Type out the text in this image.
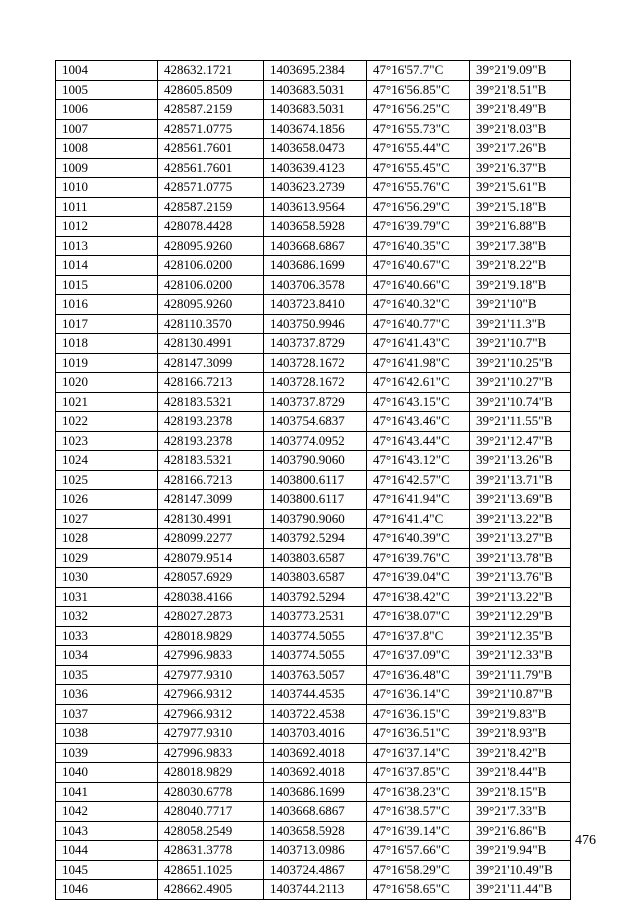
1004	428632.1721	1403695.2384	47°16'57.7"С	39°21'9.09"В
1005	428605.8509	1403683.5031	47°16'56.85"С	39°21'8.51"В
1006	428587.2159	1403683.5031	47°16'56.25"С	39°21'8.49"В
1007	428571.0775	1403674.1856	47°16'55.73"С	39°21'8.03"В
1008	428561.7601	1403658.0473	47°16'55.44"С	39°21'7.26"В
1009	428561.7601	1403639.4123	47°16'55.45"С	39°21'6.37"В
1010	428571.0775	1403623.2739	47°16'55.76"С	39°21'5.61"В
1011	428587.2159	1403613.9564	47°16'56.29"С	39°21'5.18"В
1012	428078.4428	1403658.5928	47°16'39.79"С	39°21'6.88"В
1013	428095.9260	1403668.6867	47°16'40.35"С	39°21'7.38"В
1014	428106.0200	1403686.1699	47°16'40.67"С	39°21'8.22"В
1015	428106.0200	1403706.3578	47°16'40.66"С	39°21'9.18"В
1016	428095.9260	1403723.8410	47°16'40.32"С	39°21'10"В
1017	428110.3570	1403750.9946	47°16'40.77"С	39°21'11.3"В
1018	428130.4991	1403737.8729	47°16'41.43"С	39°21'10.7"В
1019	428147.3099	1403728.1672	47°16'41.98"С	39°21'10.25"В
1020	428166.7213	1403728.1672	47°16'42.61"С	39°21'10.27"В
1021	428183.5321	1403737.8729	47°16'43.15"С	39°21'10.74"В
1022	428193.2378	1403754.6837	47°16'43.46"С	39°21'11.55"В
1023	428193.2378	1403774.0952	47°16'43.44"С	39°21'12.47"В
1024	428183.5321	1403790.9060	47°16'43.12"С	39°21'13.26"В
1025	428166.7213	1403800.6117	47°16'42.57"С	39°21'13.71"В
1026	428147.3099	1403800.6117	47°16'41.94"С	39°21'13.69"В
1027	428130.4991	1403790.9060	47°16'41.4"С	39°21'13.22"В
1028	428099.2277	1403792.5294	47°16'40.39"С	39°21'13.27"В
1029	428079.9514	1403803.6587	47°16'39.76"С	39°21'13.78"В
1030	428057.6929	1403803.6587	47°16'39.04"С	39°21'13.76"В
1031	428038.4166	1403792.5294	47°16'38.42"С	39°21'13.22"В
1032	428027.2873	1403773.2531	47°16'38.07"С	39°21'12.29"В
1033	428018.9829	1403774.5055	47°16'37.8"С	39°21'12.35"В
1034	427996.9833	1403774.5055	47°16'37.09"С	39°21'12.33"В
1035	427977.9310	1403763.5057	47°16'36.48"С	39°21'11.79"В
1036	427966.9312	1403744.4535	47°16'36.14"С	39°21'10.87"В
1037	427966.9312	1403722.4538	47°16'36.15"С	39°21'9.83"В
1038	427977.9310	1403703.4016	47°16'36.51"С	39°21'8.93"В
1039	427996.9833	1403692.4018	47°16'37.14"С	39°21'8.42"В
1040	428018.9829	1403692.4018	47°16'37.85"С	39°21'8.44"В
1041	428030.6778	1403686.1699	47°16'38.23"С	39°21'8.15"В
1042	428040.7717	1403668.6867	47°16'38.57"С	39°21'7.33"В
1043	428058.2549	1403658.5928	47°16'39.14"С	39°21'6.86"В
1044	428631.3778	1403713.0986	47°16'57.66"С	39°21'9.94"В
1045	428651.1025	1403724.4867	47°16'58.29"С	39°21'10.49"В
1046	428662.4905	1403744.2113	47°16'58.65"С	39°21'11.44"В
476
